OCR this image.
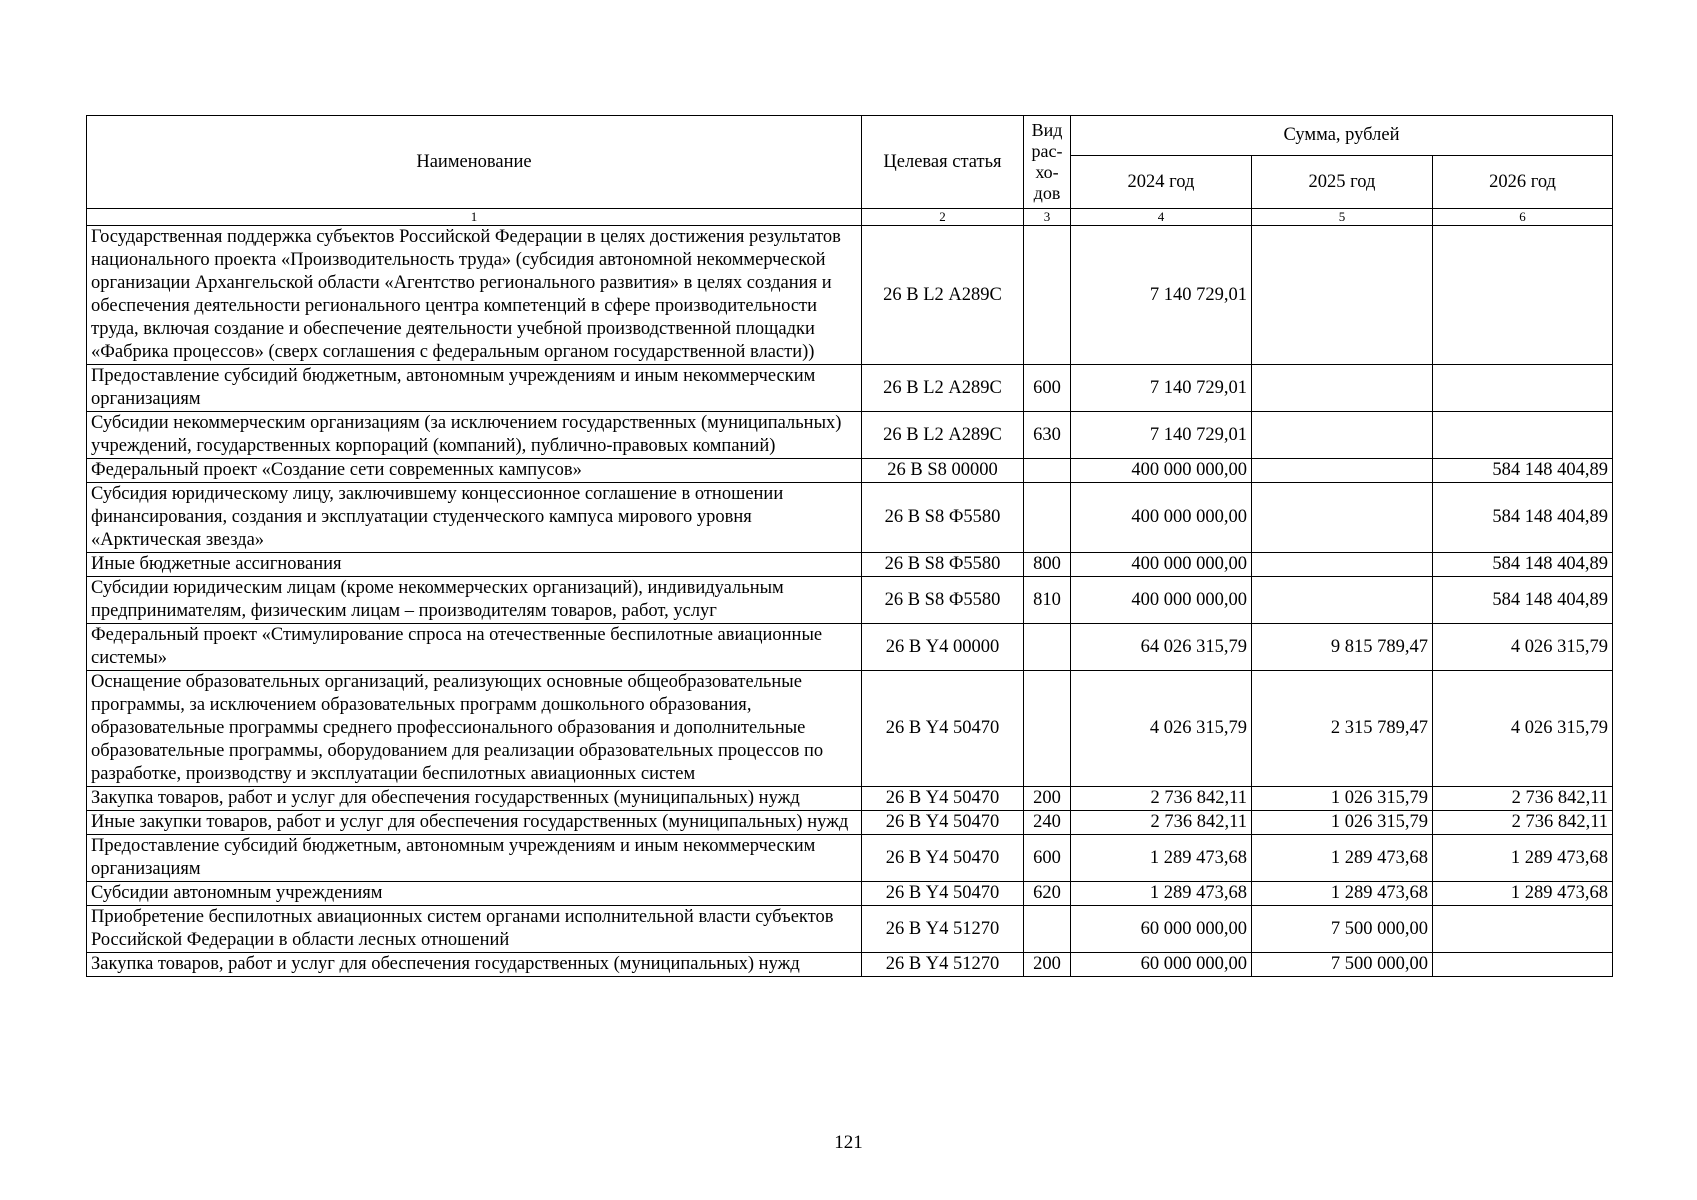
Наименование	Целевая статья	Вид рас-хо-дов	Сумма, рублей		
			2024 год	2025 год	2026 год
1	2	3	4	5	6
Государственная поддержка субъектов Российской Федерации в целях достижения результатов национального проекта «Производительность труда» (субсидия автономной некоммерческой организации Архангельской области «Агентство регионального развития» в целях создания и обеспечения деятельности регионального центра компетенций в сфере производительности труда, включая создание и обеспечение деятельности учебной производственной площадки «Фабрика процессов» (сверх соглашения с федеральным органом государственной власти))	26 В L2 А289С		7 140 729,01		
Предоставление субсидий бюджетным, автономным учреждениям и иным некоммерческим организациям	26 В L2 А289С	600	7 140 729,01		
Субсидии некоммерческим организациям (за исключением государственных (муниципальных) учреждений, государственных корпораций (компаний), публично-правовых компаний)	26 В L2 А289С	630	7 140 729,01		
Федеральный проект «Создание сети современных кампусов»	26 В S8 00000		400 000 000,00		584 148 404,89
Субсидия юридическому лицу, заключившему концессионное соглашение в отношении финансирования, создания и эксплуатации студенческого кампуса мирового уровня «Арктическая звезда»	26 В S8 Ф5580		400 000 000,00		584 148 404,89
Иные бюджетные ассигнования	26 В S8 Ф5580	800	400 000 000,00		584 148 404,89
Субсидии юридическим лицам (кроме некоммерческих организаций), индивидуальным предпринимателям, физическим лицам – производителям товаров, работ, услуг	26 В S8 Ф5580	810	400 000 000,00		584 148 404,89
Федеральный проект «Стимулирование спроса на отечественные беспилотные авиационные системы»	26 В Y4 00000		64 026 315,79	9 815 789,47	4 026 315,79
Оснащение образовательных организаций, реализующих основные общеобразовательные программы, за исключением образовательных программ дошкольного образования, образовательные программы среднего профессионального образования и дополнительные образовательные программы, оборудованием для реализации образовательных процессов по разработке, производству и эксплуатации беспилотных авиационных систем	26 В Y4 50470		4 026 315,79	2 315 789,47	4 026 315,79
Закупка товаров, работ и услуг для обеспечения государственных (муниципальных) нужд	26 В Y4 50470	200	2 736 842,11	1 026 315,79	2 736 842,11
Иные закупки товаров, работ и услуг для обеспечения государственных (муниципальных) нужд	26 В Y4 50470	240	2 736 842,11	1 026 315,79	2 736 842,11
Предоставление субсидий бюджетным, автономным учреждениям и иным некоммерческим организациям	26 В Y4 50470	600	1 289 473,68	1 289 473,68	1 289 473,68
Субсидии автономным учреждениям	26 В Y4 50470	620	1 289 473,68	1 289 473,68	1 289 473,68
Приобретение беспилотных авиационных систем органами исполнительной власти субъектов Российской Федерации в области лесных отношений	26 В Y4 51270		60 000 000,00	7 500 000,00	
Закупка товаров, работ и услуг для обеспечения государственных (муниципальных) нужд	26 В Y4 51270	200	60 000 000,00	7 500 000,00	
121
